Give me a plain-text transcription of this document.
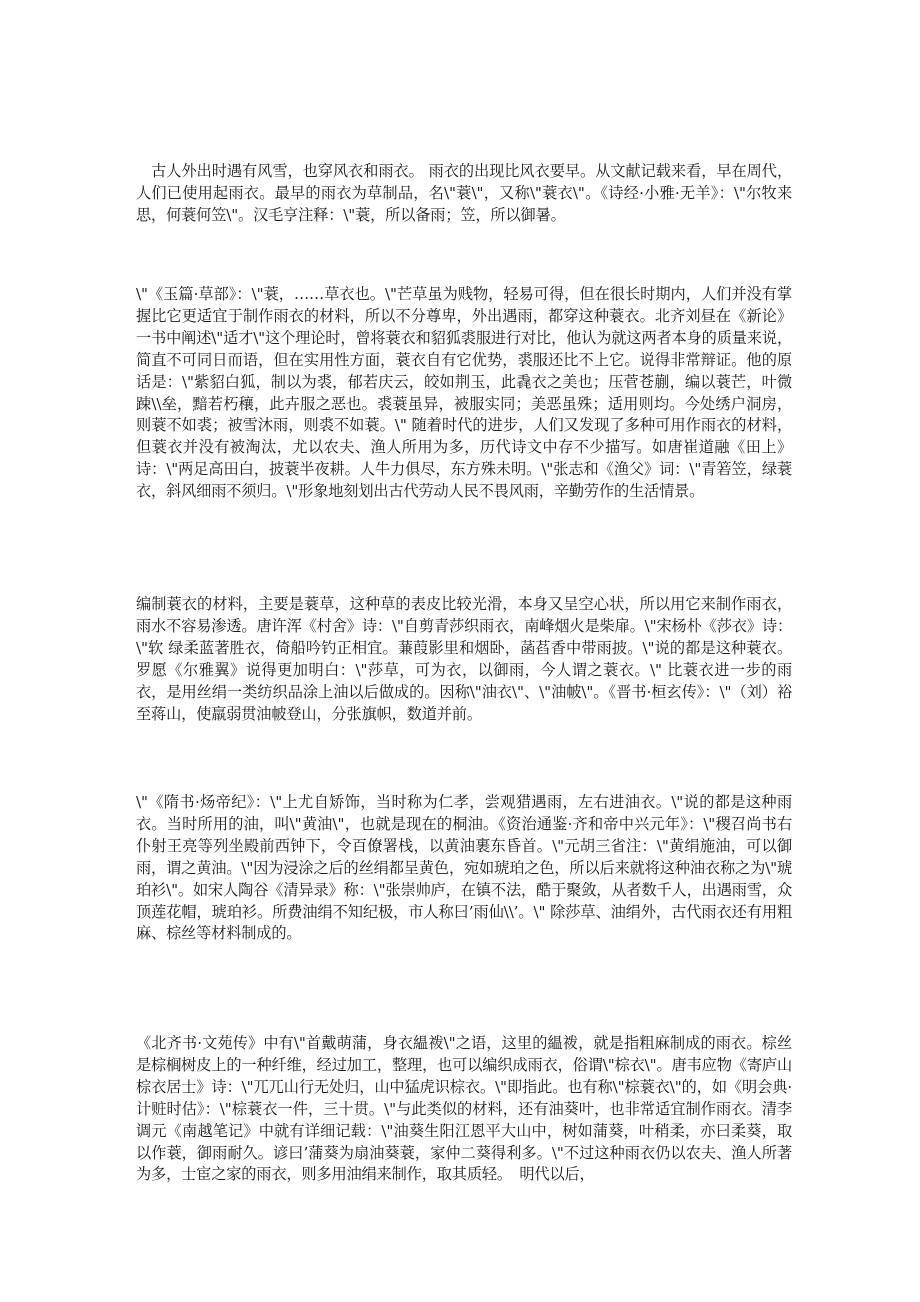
　古人外出时遇有风雪，也穿风衣和雨衣。 雨衣的出现比风衣要早。从文献记载来看，早在周代，人们已使用起雨衣。最早的雨衣为草制品，名\"蓑\"，又称\"蓑衣\"。《诗经·小雅·无羊》：\"尔牧来思，何蓑何笠\"。汉毛亨注释：\"蓑，所以备雨；笠，所以御暑。

\"《玉篇·草部》：\"蓑，……草衣也。\"芒草虽为贱物，轻易可得，但在很长时期内，人们并没有掌握比它更适宜于制作雨衣的材料，所以不分尊卑，外出遇雨，都穿这种蓑衣。北齐刘昼在《新论》一书中阐述\"适才\"这个理论时，曾将蓑衣和貂狐裘服进行对比，他认为就这两者本身的质量来说，简直不可同日而语，但在实用性方面，蓑衣自有它优势，裘服还比不上它。说得非常辩证。他的原话是：\"紫貂白狐，制以为裘，郁若庆云，皎如荆玉，此毳衣之美也；压菅苍蒯，编以蓑芒，叶微踈\\垒，黯若朽穰，此卉服之恶也。裘蓑虽异，被服实同；美恶虽殊；适用则均。今处绣户洞房，则蓑不如裘；被雪沐雨，则裘不如蓑。\" 随着时代的进步，人们又发现了多种可用作雨衣的材料，但蓑衣并没有被淘汰，尤以农夫、渔人所用为多，历代诗文中存不少描写。如唐崔道融《田上》诗：\"两足高田白，披蓑半夜耕。人牛力俱尽，东方殊未明。\"张志和《渔父》词：\"青箬笠，绿蓑衣，斜风细雨不须归。\"形象地刻划出古代劳动人民不畏风雨，辛勤劳作的生活情景。

编制蓑衣的材料，主要是蓑草，这种草的表皮比较光滑，本身又呈空心状，所以用它来制作雨衣，雨水不容易渗透。唐许浑《村舍》诗：\"自剪青莎织雨衣，南峰烟火是柴扉。\"宋杨朴《莎衣》诗：\"软 绿柔蓝著胜衣，倚船吟钓正相宜。蒹葭影里和烟卧，菡萏香中带雨披。\"说的都是这种蓑衣。罗愿《尔雅翼》说得更加明白：\"莎草，可为衣，以御雨，今人谓之蓑衣。\" 比蓑衣进一步的雨衣，是用丝绢一类纺织品涂上油以后做成的。因称\"油衣\"、\"油帔\"。《晋书·桓玄传》：\"（刘）裕至蒋山，使羸弱贯油帔登山，分张旗帜，数道并前。

\"《隋书·炀帝纪》：\"上尤自矫饰，当时称为仁孝，尝观猎遇雨，左右进油衣。\"说的都是这种雨衣。当时所用的油，叫\"黄油\"，也就是现在的桐油。《资治通鉴·齐和帝中兴元年》：\"稷召尚书右仆射王亮等列坐殿前西钟下，令百僚署栈，以黄油裹东昏首。\"元胡三省注：\"黄绢施油，可以御雨，谓之黄油。\"因为浸涂之后的丝绢都呈黄色，宛如琥珀之色，所以后来就将这种油衣称之为\"琥珀衫\"。如宋人陶谷《清异录》称：\"张崇帅庐，在镇不法，酷于聚敛，从者数千人，出遇雨雪，众顶莲花帽，琥珀衫。所费油绢不知纪极，市人称曰’雨仙\\’。\" 除莎草、油绢外，古代雨衣还有用粗麻、棕丝等材料制成的。

《北齐书·文苑传》中有\"首戴萌蒲，身衣緼袯\"之语，这里的緼袯，就是指粗麻制成的雨衣。棕丝是棕榈树皮上的一种纤维，经过加工，整理，也可以编织成雨衣，俗谓\"棕衣\"。唐韦应物《寄庐山棕衣居士》诗：\"兀兀山行无处归，山中猛虎识棕衣。\"即指此。也有称\"棕蓑衣\"的，如《明会典·计赃时估》：\"棕蓑衣一件，三十贯。\"与此类似的材料，还有油葵叶，也非常适宜制作雨衣。清李调元《南越笔记》中就有详细记载：\"油葵生阳江恩平大山中，树如蒲葵，叶稍柔，亦曰柔葵，取以作蓑，御雨耐久。谚曰’蒲葵为扇油葵蓑，家仲二葵得利多。\"不过这种雨衣仍以农夫、渔人所著为多，士宦之家的雨衣，则多用油绢来制作，取其质轻。　明代以后，
